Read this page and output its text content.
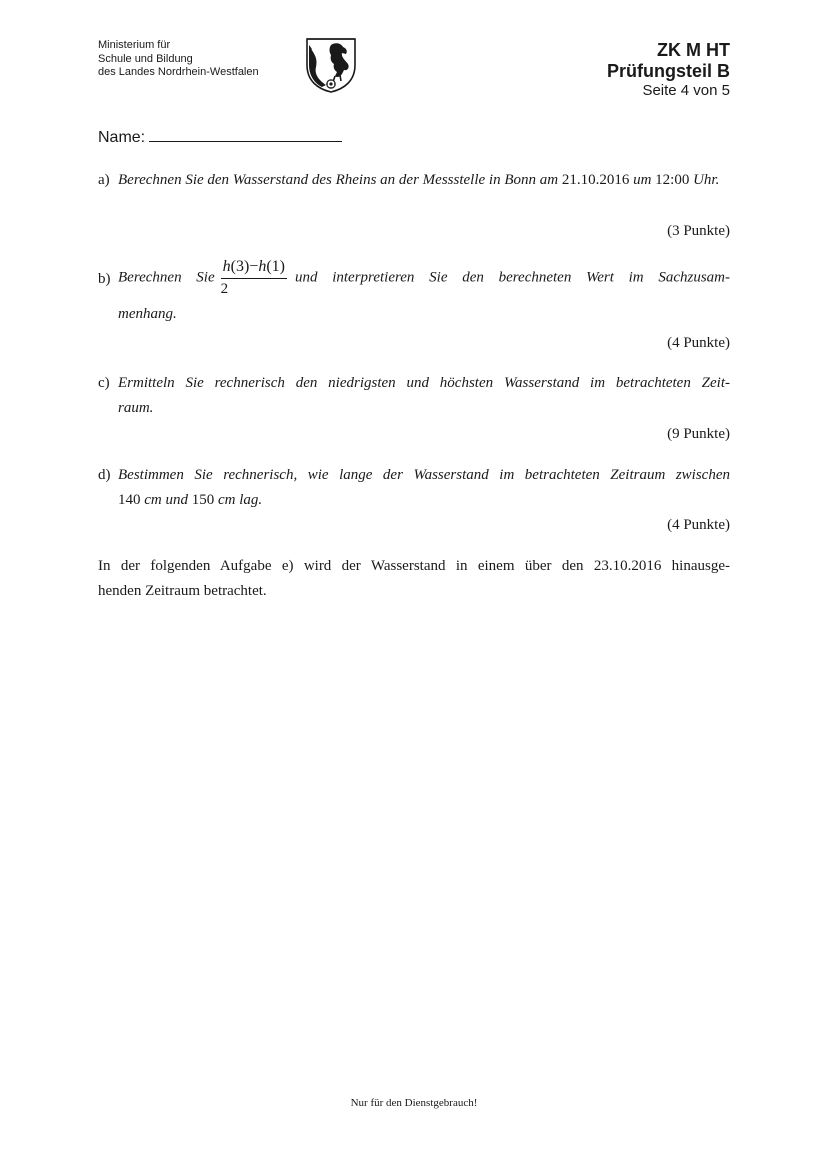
Ministerium für
Schule und Bildung
des Landes Nordrhein-Westfalen
ZK M HT
Prüfungsteil B
Seite 4 von 5
Name:
a) Berechnen Sie den Wasserstand des Rheins an der Messstelle in Bonn am 21.10.2016 um 12:00 Uhr.
(3 Punkte)
b) Berechnen Sie $\frac{h(3)-h(1)}{2}$ und interpretieren Sie den berechneten Wert im Sachzusam-
menhang.
(4 Punkte)
c) Ermitteln Sie rechnerisch den niedrigsten und höchsten Wasserstand im betrachteten Zeit-
raum.
(9 Punkte)
d) Bestimmen Sie rechnerisch, wie lange der Wasserstand im betrachteten Zeitraum zwischen
140 cm und 150 cm lag.
(4 Punkte)
In der folgenden Aufgabe e) wird der Wasserstand in einem über den 23.10.2016 hinausge-
henden Zeitraum betrachtet.
Nur für den Dienstgebrauch!
